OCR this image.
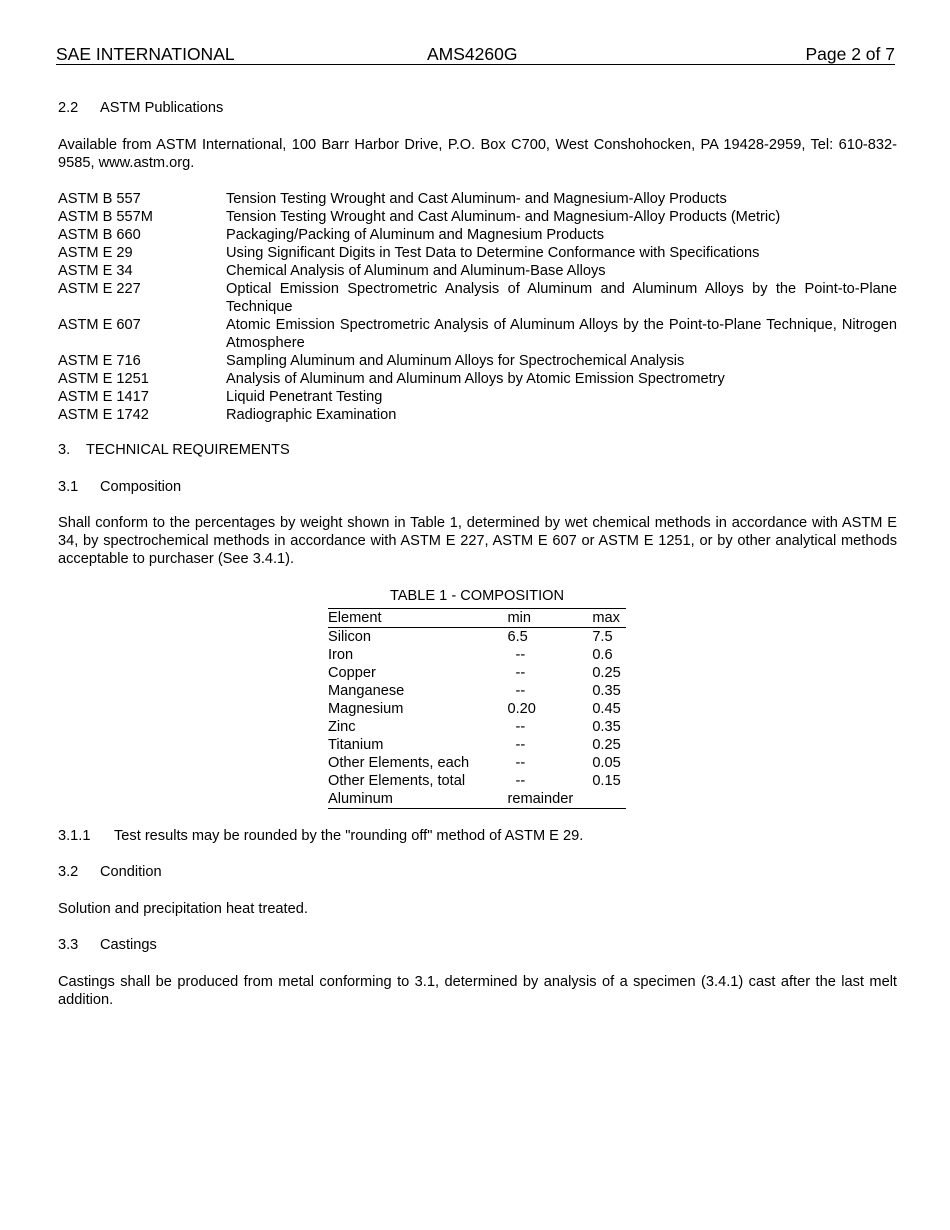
SAE INTERNATIONAL	AMS4260G	Page 2 of 7
2.2 ASTM Publications
Available from ASTM International, 100 Barr Harbor Drive, P.O. Box C700, West Conshohocken, PA 19428-2959, Tel: 610-832-9585, www.astm.org.
ASTM B 557	Tension Testing Wrought and Cast Aluminum- and Magnesium-Alloy Products
ASTM B 557M	Tension Testing Wrought and Cast Aluminum- and Magnesium-Alloy Products (Metric)
ASTM B 660	Packaging/Packing of Aluminum and Magnesium Products
ASTM E 29	Using Significant Digits in Test Data to Determine Conformance with Specifications
ASTM E 34	Chemical Analysis of Aluminum and Aluminum-Base Alloys
ASTM E 227	Optical Emission Spectrometric Analysis of Aluminum and Aluminum Alloys by the Point-to-Plane Technique
ASTM E 607	Atomic Emission Spectrometric Analysis of Aluminum Alloys by the Point-to-Plane Technique, Nitrogen Atmosphere
ASTM E 716	Sampling Aluminum and Aluminum Alloys for Spectrochemical Analysis
ASTM E 1251	Analysis of Aluminum and Aluminum Alloys by Atomic Emission Spectrometry
ASTM E 1417	Liquid Penetrant Testing
ASTM E 1742	Radiographic Examination
3. TECHNICAL REQUIREMENTS
3.1 Composition
Shall conform to the percentages by weight shown in Table 1, determined by wet chemical methods in accordance with ASTM E 34, by spectrochemical methods in accordance with ASTM E 227, ASTM E 607 or ASTM E 1251, or by other analytical methods acceptable to purchaser (See 3.4.1).
TABLE 1 - COMPOSITION
Element	min	max
Silicon	6.5	7.5
Iron	--	0.6
Copper	--	0.25
Manganese	--	0.35
Magnesium	0.20	0.45
Zinc	--	0.35
Titanium	--	0.25
Other Elements, each	--	0.05
Other Elements, total	--	0.15
Aluminum	remainder	
3.1.1 Test results may be rounded by the "rounding off" method of ASTM E 29.
3.2 Condition
Solution and precipitation heat treated.
3.3 Castings
Castings shall be produced from metal conforming to 3.1, determined by analysis of a specimen (3.4.1) cast after the last melt addition.
